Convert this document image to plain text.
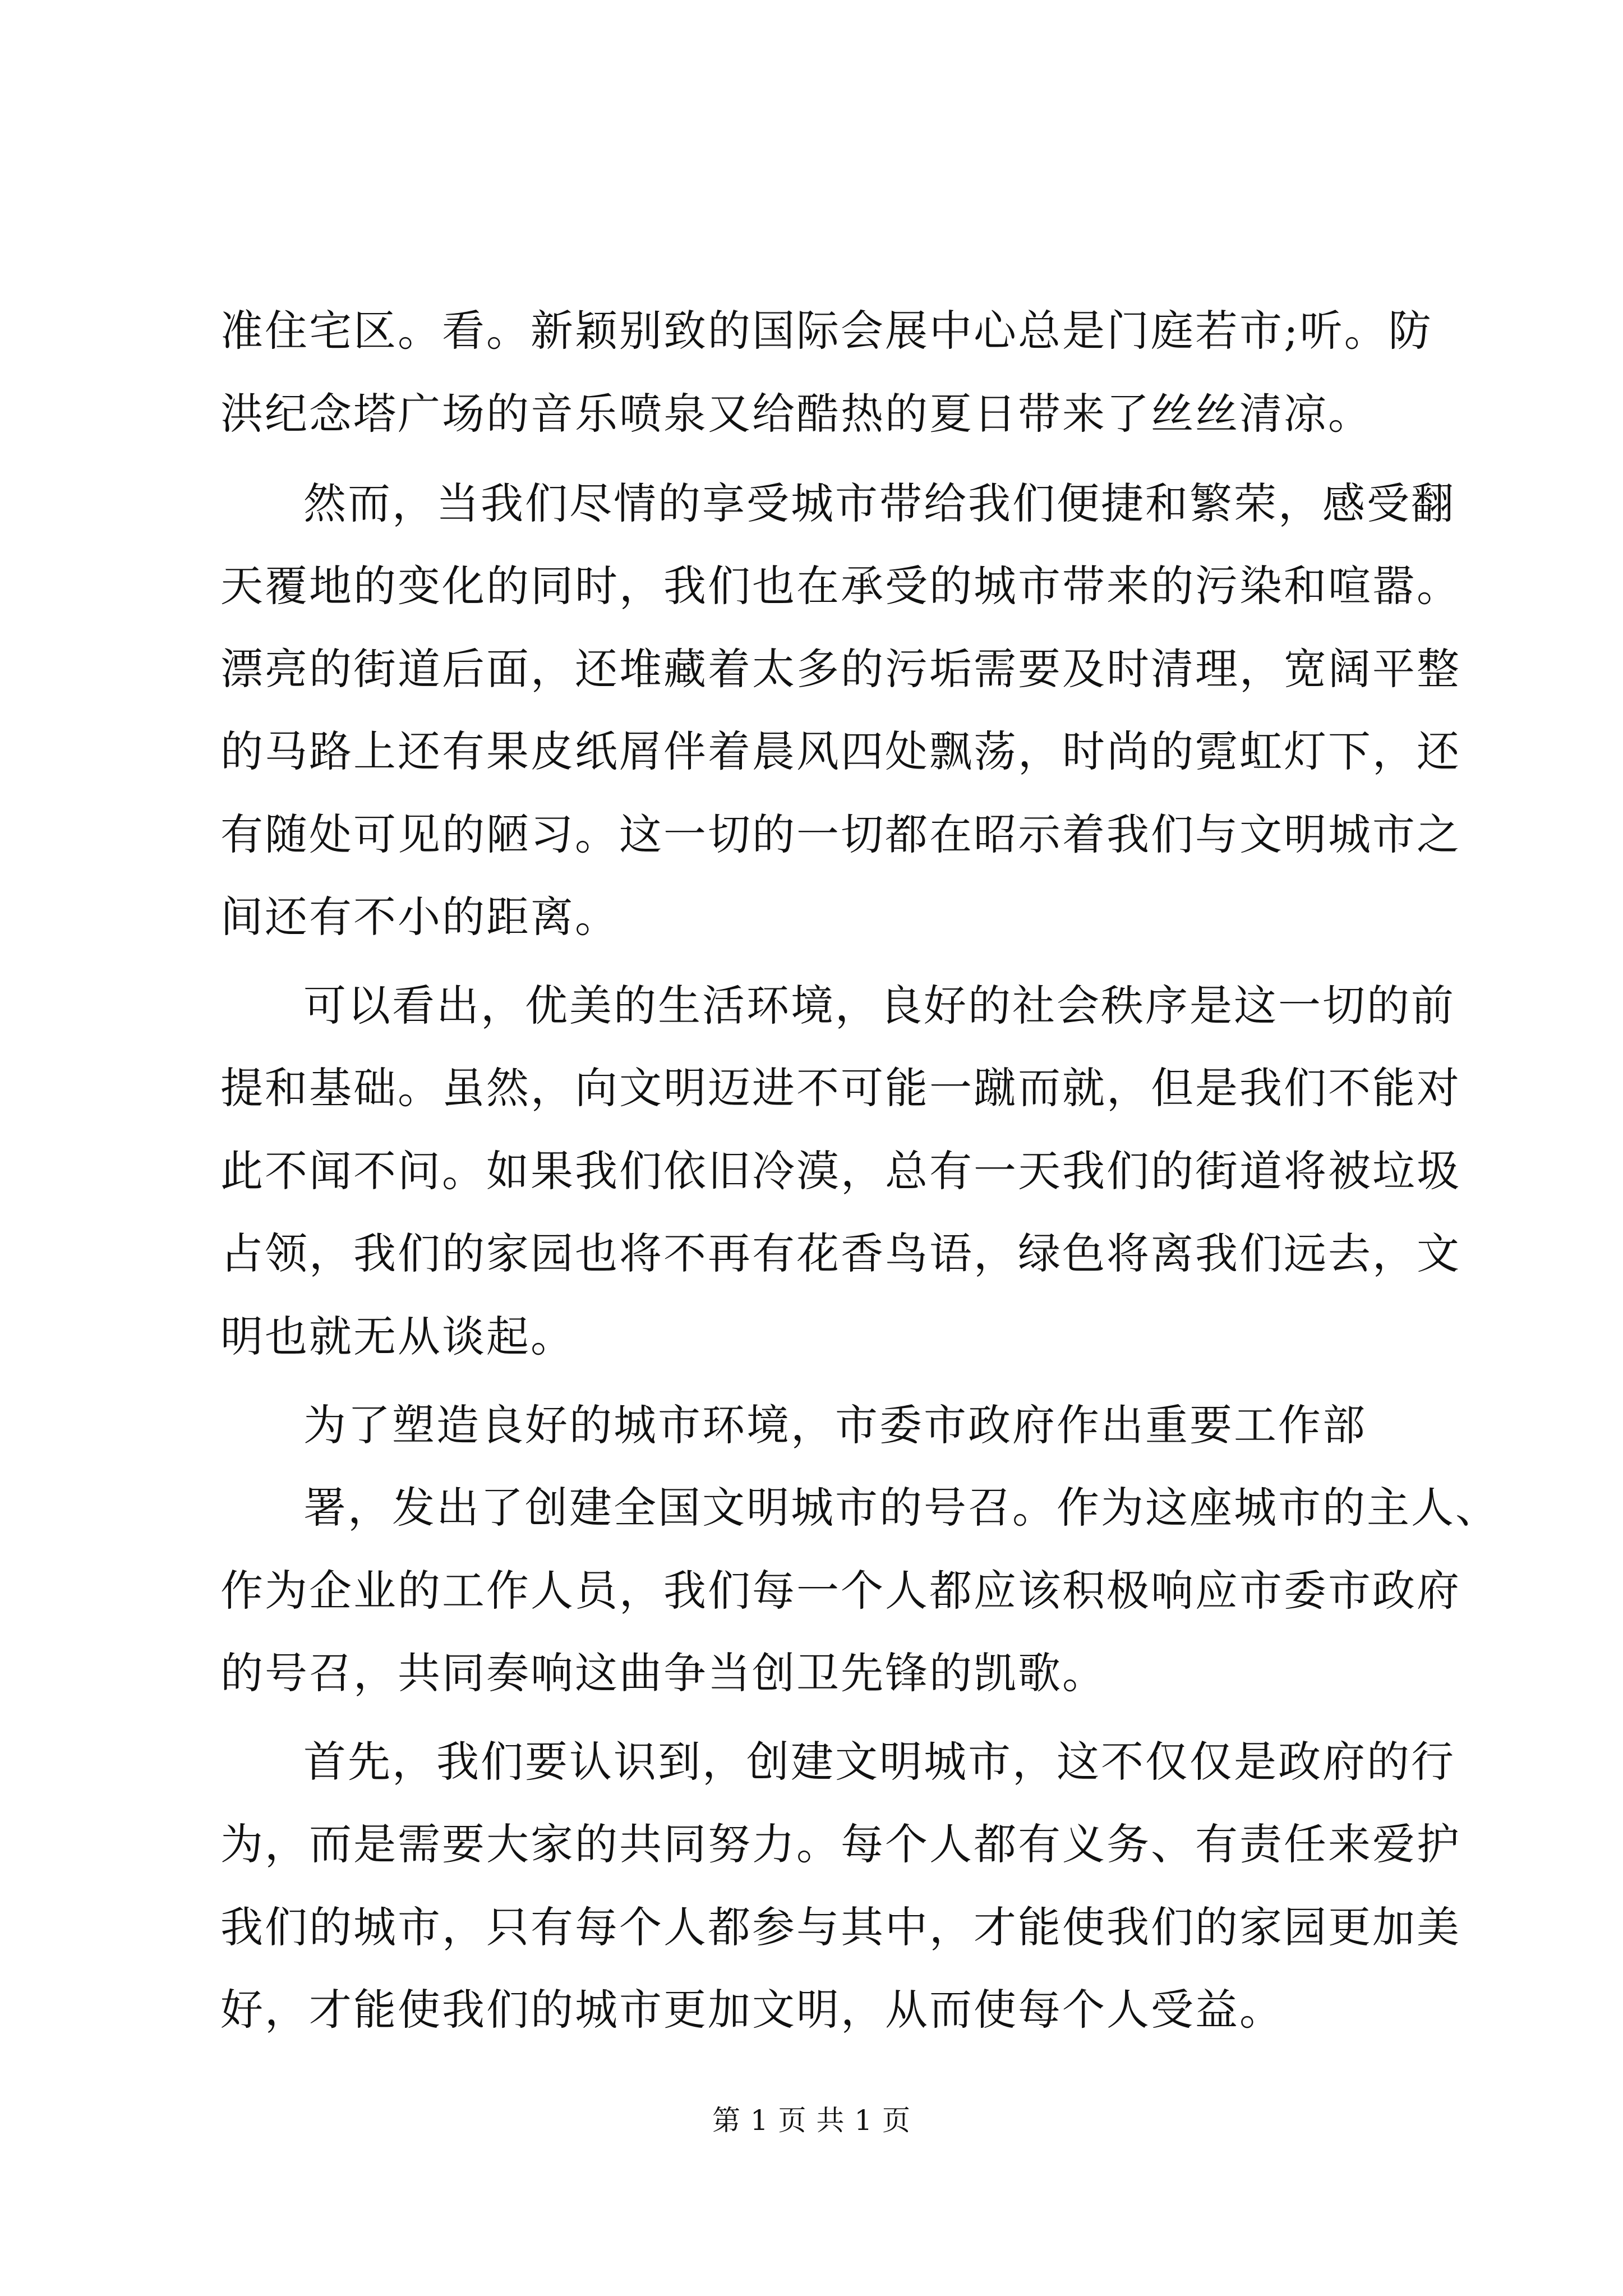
准住宅区。看。新颖别致的国际会展中心总是门庭若市;听。防
洪纪念塔广场的音乐喷泉又给酷热的夏日带来了丝丝清凉。
然而，当我们尽情的享受城市带给我们便捷和繁荣，感受翻
天覆地的变化的同时，我们也在承受的城市带来的污染和喧嚣。
漂亮的街道后面，还堆藏着太多的污垢需要及时清理，宽阔平整
的马路上还有果皮纸屑伴着晨风四处飘荡，时尚的霓虹灯下，还
有随处可见的陋习。这一切的一切都在昭示着我们与文明城市之
间还有不小的距离。
可以看出，优美的生活环境，良好的社会秩序是这一切的前
提和基础。虽然，向文明迈进不可能一蹴而就，但是我们不能对
此不闻不问。如果我们依旧冷漠，总有一天我们的街道将被垃圾
占领，我们的家园也将不再有花香鸟语，绿色将离我们远去，文
明也就无从谈起。
为了塑造良好的城市环境，市委市政府作出重要工作部
署，发出了创建全国文明城市的号召。作为这座城市的主人、
作为企业的工作人员，我们每一个人都应该积极响应市委市政府
的号召，共同奏响这曲争当创卫先锋的凯歌。
首先，我们要认识到，创建文明城市，这不仅仅是政府的行
为，而是需要大家的共同努力。每个人都有义务、有责任来爱护
我们的城市，只有每个人都参与其中，才能使我们的家园更加美
好，才能使我们的城市更加文明，从而使每个人受益。
第 1 页 共 1 页
